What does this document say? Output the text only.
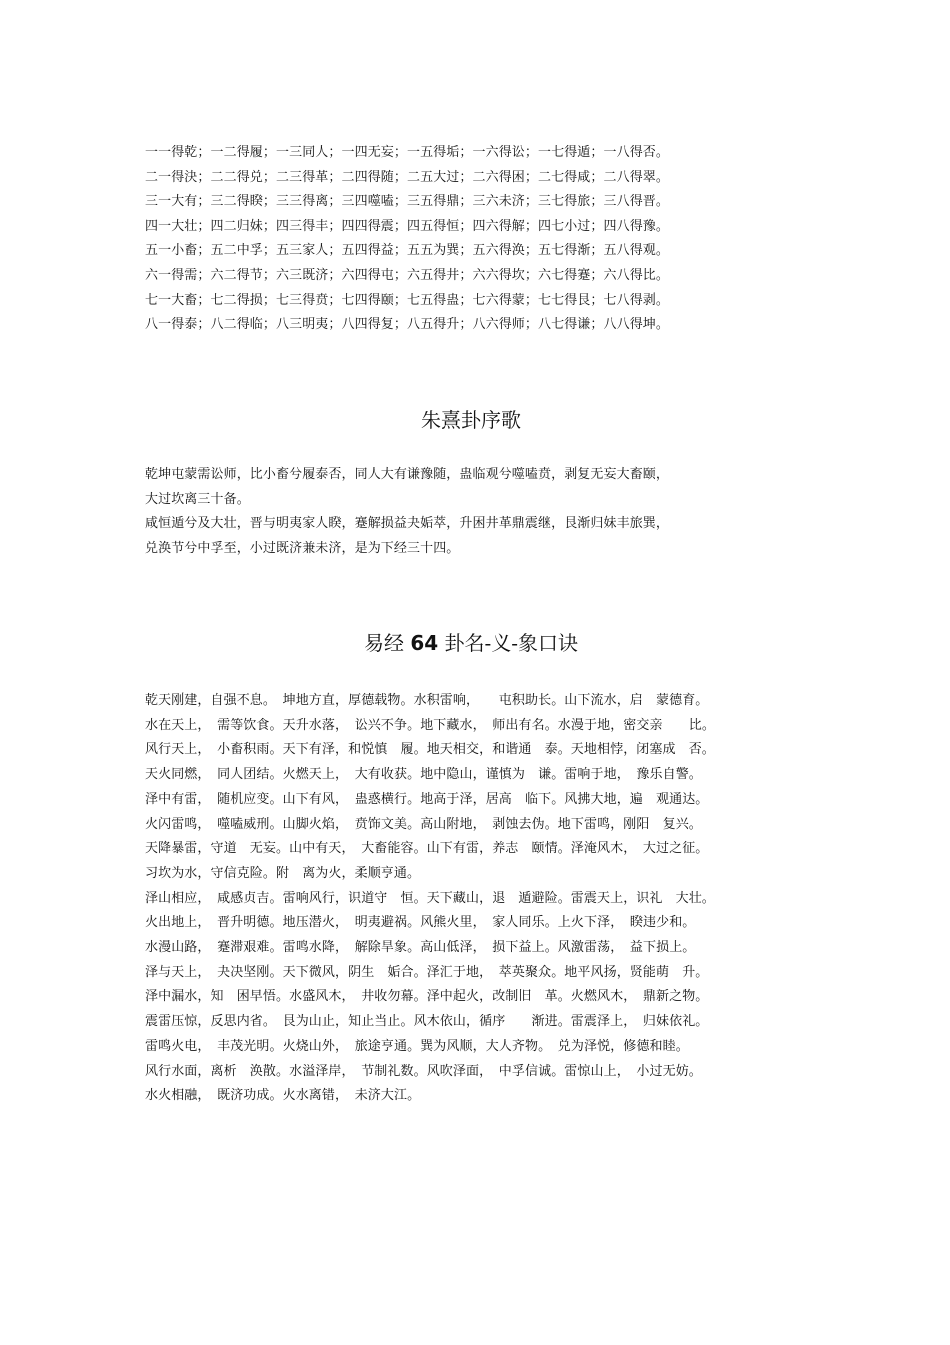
一一得乾；一二得履；一三同人；一四无妄；一五得垢；一六得讼；一七得遁；一八得否。
二一得決；二二得兑；二三得革；二四得随；二五大过；二六得困；二七得咸；二八得翠。
三一大有；三二得睽；三三得离；三四噬嗑；三五得鼎；三六未济；三七得旅；三八得晋。
四一大壮；四二归妹；四三得丰；四四得震；四五得恒；四六得解；四七小过；四八得豫。
五一小畜；五二中孚；五三家人；五四得益；五五为巽；五六得涣；五七得渐；五八得观。
六一得需；六二得节；六三既济；六四得屯；六五得井；六六得坎；六七得蹇；六八得比。
七一大畜；七二得损；七三得贲；七四得颐；七五得蛊；七六得蒙；七七得艮；七八得剥。
八一得泰；八二得临；八三明夷；八四得复；八五得升；八六得师；八七得谦；八八得坤。
朱熹卦序歌
乾坤屯蒙需讼师，比小畜兮履泰否，同人大有谦豫随，蛊临观兮噬嗑贲，剥复无妄大畜颐，
大过坎离三十备。
咸恒遁兮及大壮，晋与明夷家人睽，蹇解损益夬姤萃，升困井革鼎震继，艮渐归妹丰旅巽，
兑涣节兮中孚至，小过既济兼未济，是为下经三十四。
易经 64 卦名-义-象口诀
乾天刚建，自强不息。　坤地方直，厚德载物。水积雷响，　　屯积助长。山下流水，启　蒙德育。
水在天上，　需等饮食。天升水落，　讼兴不争。地下藏水，　师出有名。水漫于地，密交亲　　比。
风行天上，　小畜积雨。天下有泽，和悦慎　履。地天相交，和谐通　泰。天地相悖，闭塞成　否。
天火同燃，　同人团结。火燃天上，　大有收获。地中隐山，谨慎为　谦。雷响于地，　豫乐自警。
泽中有雷，　随机应变。山下有风，　蛊惑横行。地高于泽，居高　临下。风拂大地，遍　观通达。
火闪雷鸣，　噬嗑威刑。山脚火焰，　贲饰文美。高山附地，　剥蚀去伪。地下雷鸣，刚阳　复兴。
天降暴雷，守道　无妄。山中有天，　大畜能容。山下有雷，养志　颐情。泽淹风木，　大过之征。
习坎为水，守信克险。附　离为火，柔顺亨通。
泽山相应，　咸感贞吉。雷响风行，识道守　恒。天下藏山，退　遁避险。雷震天上，识礼　大壮。
火出地上，　晋升明德。地压潜火，　明夷避祸。风熊火里，　家人同乐。上火下泽，　睽违少和。
水漫山路，　蹇滞艰难。雷鸣水降，　解除旱象。高山低泽，　损下益上。风激雷荡，　益下损上。
泽与天上，　夬决坚刚。天下微风，阴生　姤合。泽汇于地，　萃英聚众。地平风扬，贤能萌　升。
泽中漏水，知　困早悟。水盛风木，　井收勿幕。泽中起火，改制旧　革。火燃风木，　鼎新之物。
震雷压惊，反思内省。　艮为山止，知止当止。风木依山，循序　　渐进。雷震泽上，　归妹依礼。
雷鸣火电，　丰茂光明。火烧山外，　旅途亨通。巽为风顺，大人齐物。　兑为泽悦，修德和睦。
风行水面，离析　涣散。水溢泽岸，　节制礼数。风吹泽面，　中孚信诚。雷惊山上，　小过无妨。
水火相融，　既济功成。火水离错，　未济大江。
